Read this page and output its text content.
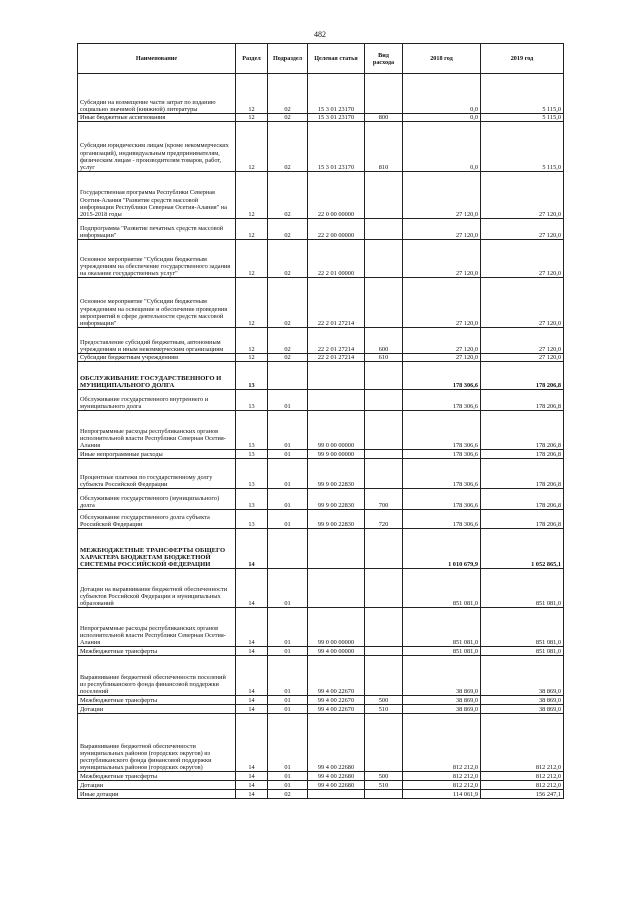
482
Наименование	Раздел	Подраздел	Целевая статья	Вид расхода	2018 год	2019 год
Субсидии на возмещение части затрат по изданию социально значимой (книжной) литературы	12	02	15 3 01 23170		0,0	5 115,0
Иные бюджетные ассигнования	12	02	15 3 01 23170	800	0,0	5 115,0
Субсидии юридическим лицам (кроме некоммерческих организаций), индивидуальным предпринимателям, физическим лицам - производителям товаров, работ, услуг	12	02	15 3 01 23170	810	0,0	5 115,0
Государственная программа Республики Северная Осетия-Алания "Развитие средств массовой информации Республики Северная Осетия-Алания" на 2015-2018 годы	12	02	22 0 00 00000		27 120,0	27 120,0
Подпрограмма "Развитие печатных средств массовой информации"	12	02	22 2 00 00000		27 120,0	27 120,0
Основное мероприятие "Субсидии бюджетным учреждениям на обеспечение государственного задания на оказание государственных услуг"	12	02	22 2 01 00000		27 120,0	27 120,0
Основное мероприятие "Субсидии бюджетным учреждениям на освещение и обеспечение проведения мероприятий в сфере деятельности средств массовой информации"	12	02	22 2 01 27214		27 120,0	27 120,0
Предоставление субсидий бюджетным, автономным учреждениям и иным некоммерческим организациям	12	02	22 2 01 27214	600	27 120,0	27 120,0
Субсидии бюджетным учреждениям	12	02	22 2 01 27214	610	27 120,0	27 120,0
ОБСЛУЖИВАНИЕ ГОСУДАРСТВЕННОГО И МУНИЦИПАЛЬНОГО ДОЛГА	13				178 306,6	178 206,8
Обслуживание государственного внутреннего и муниципального долга	13	01			178 306,6	178 206,8
Непрограммные расходы республиканских органов исполнительной власти Республики Северная Осетия-Алания	13	01	99 0 00 00000		178 306,6	178 206,8
Иные непрограммные расходы	13	01	99 9 00 00000		178 306,6	178 206,8
Процентные платежи по государственному долгу субъекта Российской Федерации	13	01	99 9 00 22830		178 306,6	178 206,8
Обслуживание государственного (муниципального) долга	13	01	99 9 00 22830	700	178 306,6	178 206,8
Обслуживание государственного долга субъекта Российской Федерации	13	01	99 9 00 22830	720	178 306,6	178 206,8
МЕЖБЮДЖЕТНЫЕ ТРАНСФЕРТЫ ОБЩЕГО ХАРАКТЕРА БЮДЖЕТАМ БЮДЖЕТНОЙ СИСТЕМЫ РОССИЙСКОЙ ФЕДЕРАЦИИ	14				1 010 679,9	1 052 865,1
Дотации на выравнивание бюджетной обеспеченности субъектов Российской Федерации и муниципальных образований	14	01			851 081,0	851 081,0
Непрограммные расходы республиканских органов исполнительной власти Республики Северная Осетия-Алания	14	01	99 0 00 00000		851 081,0	851 081,0
Межбюджетные трансферты	14	01	99 4 00 00000		851 081,0	851 081,0
Выравнивание бюджетной обеспеченности поселений из республиканского фонда финансовой поддержки поселений	14	01	99 4 00 22670		38 869,0	38 869,0
Межбюджетные трансферты	14	01	99 4 00 22670	500	38 869,0	38 869,0
Дотации	14	01	99 4 00 22670	510	38 869,0	38 869,0
Выравнивание бюджетной обеспеченности муниципальных районов (городских округов) из республиканского фонда финансовой поддержки муниципальных районов (городских округов)	14	01	99 4 00 22680		812 212,0	812 212,0
Межбюджетные трансферты	14	01	99 4 00 22680	500	812 212,0	812 212,0
Дотации	14	01	99 4 00 22680	510	812 212,0	812 212,0
Иные дотации	14	02			114 061,9	156 247,1
